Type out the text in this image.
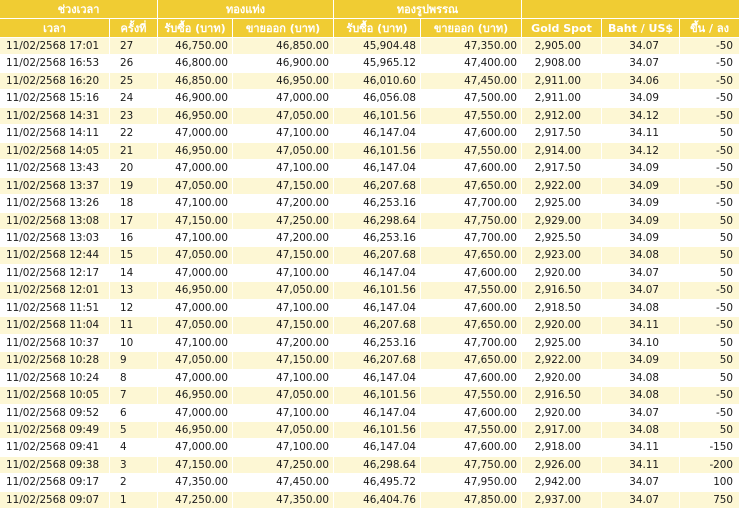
ช่วงเวลา		ทองแท่ง		ทองรูปพรรณ				
เวลา	ครั้งที่	รับซื้อ (บาท)	ขายออก (บาท)	รับซื้อ (บาท)	ขายออก (บาท)	Gold Spot	Baht / US$	ขึ้น / ลง
11/02/2568 17:01	27	46,750.00	46,850.00	45,904.48	47,350.00	2,905.00	34.07	-50
11/02/2568 16:53	26	46,800.00	46,900.00	45,965.12	47,400.00	2,908.00	34.07	-50
11/02/2568 16:20	25	46,850.00	46,950.00	46,010.60	47,450.00	2,911.00	34.06	-50
11/02/2568 15:16	24	46,900.00	47,000.00	46,056.08	47,500.00	2,911.00	34.09	-50
11/02/2568 14:31	23	46,950.00	47,050.00	46,101.56	47,550.00	2,912.00	34.12	-50
11/02/2568 14:11	22	47,000.00	47,100.00	46,147.04	47,600.00	2,917.50	34.11	50
11/02/2568 14:05	21	46,950.00	47,050.00	46,101.56	47,550.00	2,914.00	34.12	-50
11/02/2568 13:43	20	47,000.00	47,100.00	46,147.04	47,600.00	2,917.50	34.09	-50
11/02/2568 13:37	19	47,050.00	47,150.00	46,207.68	47,650.00	2,922.00	34.09	-50
11/02/2568 13:26	18	47,100.00	47,200.00	46,253.16	47,700.00	2,925.00	34.09	-50
11/02/2568 13:08	17	47,150.00	47,250.00	46,298.64	47,750.00	2,929.00	34.09	50
11/02/2568 13:03	16	47,100.00	47,200.00	46,253.16	47,700.00	2,925.50	34.09	50
11/02/2568 12:44	15	47,050.00	47,150.00	46,207.68	47,650.00	2,923.00	34.08	50
11/02/2568 12:17	14	47,000.00	47,100.00	46,147.04	47,600.00	2,920.00	34.07	50
11/02/2568 12:01	13	46,950.00	47,050.00	46,101.56	47,550.00	2,916.50	34.07	-50
11/02/2568 11:51	12	47,000.00	47,100.00	46,147.04	47,600.00	2,918.50	34.08	-50
11/02/2568 11:04	11	47,050.00	47,150.00	46,207.68	47,650.00	2,920.00	34.11	-50
11/02/2568 10:37	10	47,100.00	47,200.00	46,253.16	47,700.00	2,925.00	34.10	50
11/02/2568 10:28	9	47,050.00	47,150.00	46,207.68	47,650.00	2,922.00	34.09	50
11/02/2568 10:24	8	47,000.00	47,100.00	46,147.04	47,600.00	2,920.00	34.08	50
11/02/2568 10:05	7	46,950.00	47,050.00	46,101.56	47,550.00	2,916.50	34.08	-50
11/02/2568 09:52	6	47,000.00	47,100.00	46,147.04	47,600.00	2,920.00	34.07	-50
11/02/2568 09:49	5	46,950.00	47,050.00	46,101.56	47,550.00	2,917.00	34.08	50
11/02/2568 09:41	4	47,000.00	47,100.00	46,147.04	47,600.00	2,918.00	34.11	-150
11/02/2568 09:38	3	47,150.00	47,250.00	46,298.64	47,750.00	2,926.00	34.11	-200
11/02/2568 09:17	2	47,350.00	47,450.00	46,495.72	47,950.00	2,942.00	34.07	100
11/02/2568 09:07	1	47,250.00	47,350.00	46,404.76	47,850.00	2,937.00	34.07	750
